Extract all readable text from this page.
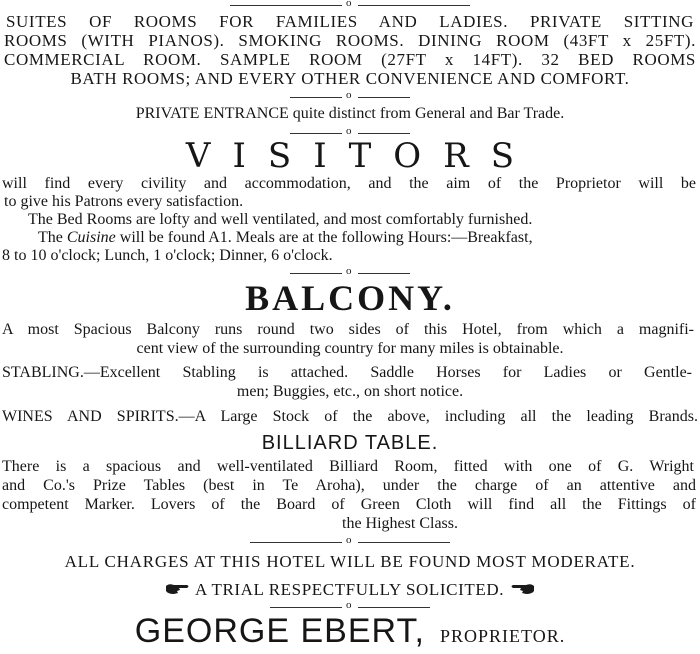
o
SUITES OF ROOMS FOR FAMILIES AND LADIES. PRIVATE SITTING
ROOMS (WITH PIANOS). SMOKING ROOMS. DINING ROOM (43FT x 25FT).
COMMERCIAL ROOM. SAMPLE ROOM (27FT x 14FT). 32 BED ROOMS
BATH ROOMS; AND EVERY OTHER CONVENIENCE AND COMFORT.
o
PRIVATE ENTRANCE quite distinct from General and Bar Trade.
o
VISITORS
will find every civility and accommodation, and the aim of the Proprietor will be
to give his Patrons every satisfaction.
The Bed Rooms are lofty and well ventilated, and most comfortably furnished.
The Cuisine will be found A1. Meals are at the following Hours:—Breakfast,
8 to 10 o'clock; Lunch, 1 o'clock; Dinner, 6 o'clock.
o
BALCONY.
A most Spacious Balcony runs round two sides of this Hotel, from which a magnifi-
cent view of the surrounding country for many miles is obtainable.
STABLING.—Excellent Stabling is attached. Saddle Horses for Ladies or Gentle-
men; Buggies, etc., on short notice.
WINES AND SPIRITS.—A Large Stock of the above, including all the leading Brands.
BILLIARD TABLE.
There is a spacious and well-ventilated Billiard Room, fitted with one of G. Wright
and Co.'s Prize Tables (best in Te Aroha), under the charge of an attentive and
competent Marker. Lovers of the Board of Green Cloth will find all the Fittings of
the Highest Class.
o
ALL CHARGES AT THIS HOTEL WILL BE FOUND MOST MODERATE.
A TRIAL RESPECTFULLY SOLICITED.
o
GEORGE EBERT, PROPRIETOR.
